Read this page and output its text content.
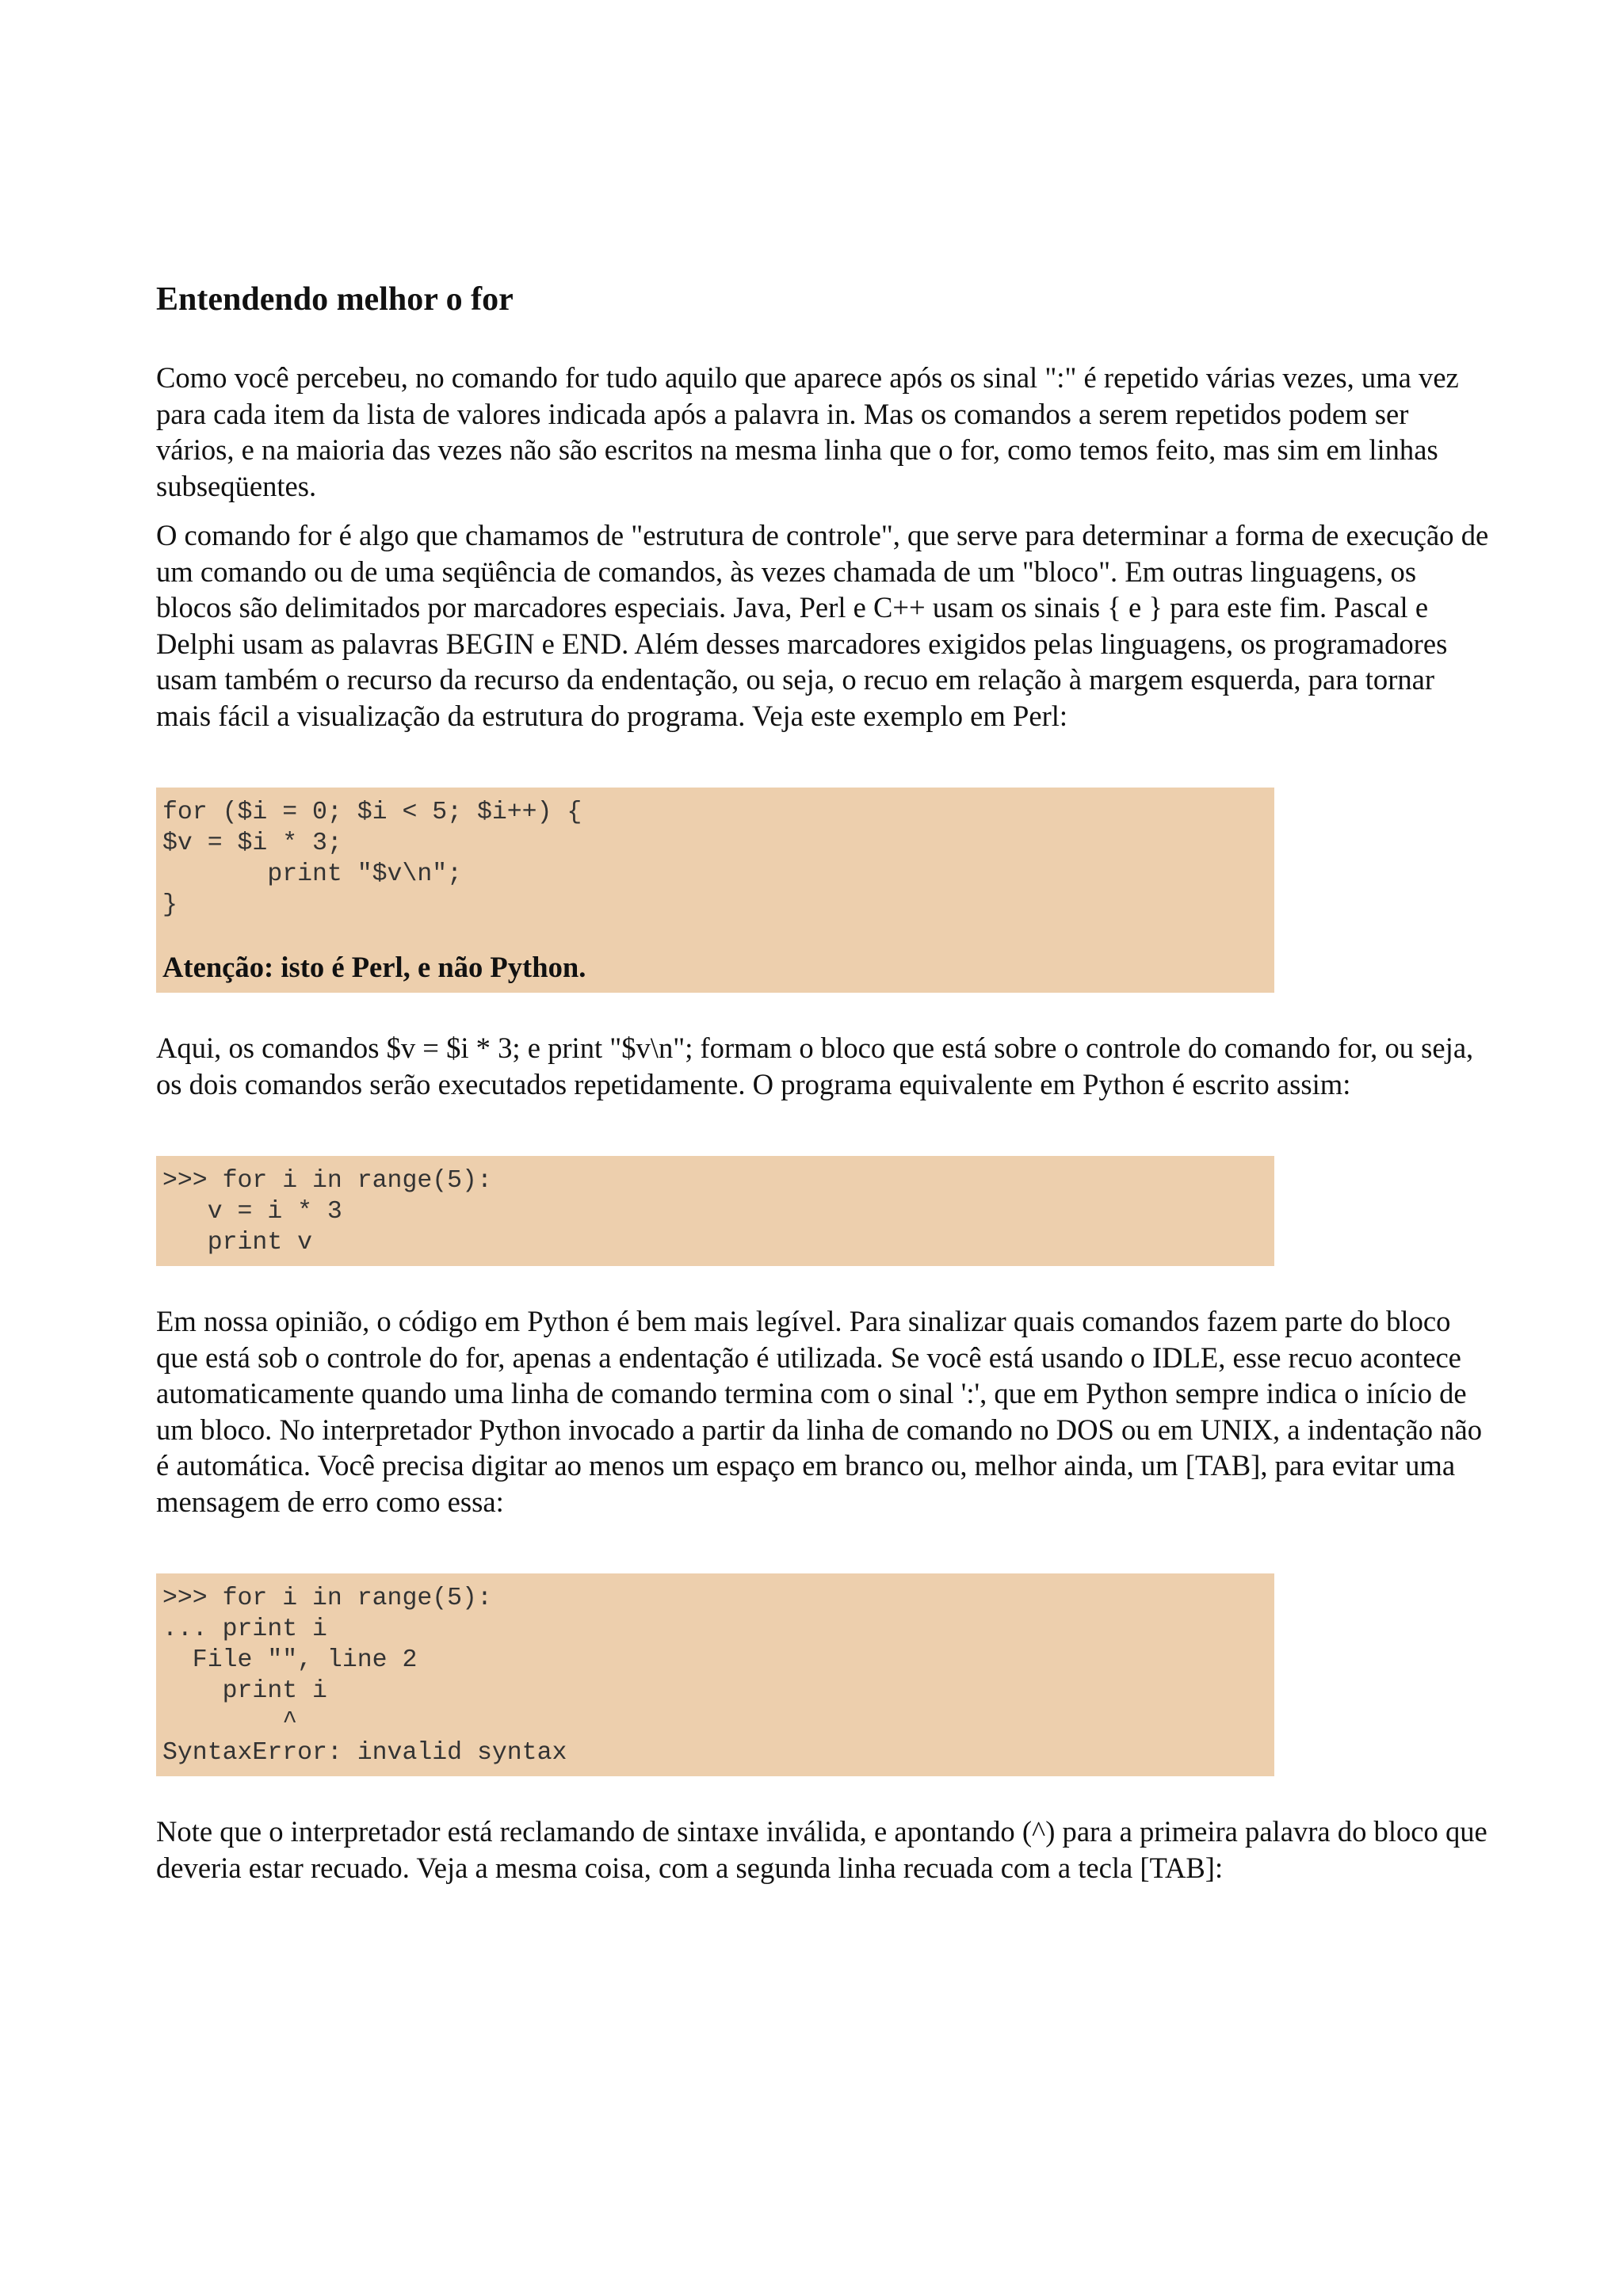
Entendendo melhor o for

Como você percebeu, no comando for tudo aquilo que aparece após os sinal ":" é repetido várias vezes, uma vez para cada item da lista de valores indicada após a palavra in. Mas os comandos a serem repetidos podem ser vários, e na maioria das vezes não são escritos na mesma linha que o for, como temos feito, mas sim em linhas subseqüentes.

O comando for é algo que chamamos de "estrutura de controle", que serve para determinar a forma de execução de um comando ou de uma seqüência de comandos, às vezes chamada de um "bloco". Em outras linguagens, os blocos são delimitados por marcadores especiais. Java, Perl e C++ usam os sinais { e } para este fim. Pascal e Delphi usam as palavras BEGIN e END. Além desses marcadores exigidos pelas linguagens, os programadores usam também o recurso da recurso da endentação, ou seja, o recuo em relação à margem esquerda, para tornar mais fácil a visualização da estrutura do programa. Veja este exemplo em Perl:

for ($i = 0; $i < 5; $i++) {
$v = $i * 3;
print "$v\n";
}
Atenção: isto é Perl, e não Python.

Aqui, os comandos $v = $i * 3; e print "$v\n"; formam o bloco que está sobre o controle do comando for, ou seja, os dois comandos serão executados repetidamente. O programa equivalente em Python é escrito assim:

>>> for i in range(5):
v = i * 3
print v

Em nossa opinião, o código em Python é bem mais legível. Para sinalizar quais comandos fazem parte do bloco que está sob o controle do for, apenas a endentação é utilizada. Se você está usando o IDLE, esse recuo acontece automaticamente quando uma linha de comando termina com o sinal ':', que em Python sempre indica o início de um bloco. No interpretador Python invocado a partir da linha de comando no DOS ou em UNIX, a indentação não é automática. Você precisa digitar ao menos um espaço em branco ou, melhor ainda, um [TAB], para evitar uma mensagem de erro como essa:

>>> for i in range(5):
... print i
File "", line 2
print i
^
SyntaxError: invalid syntax

Note que o interpretador está reclamando de sintaxe inválida, e apontando (^) para a primeira palavra do bloco que deveria estar recuado. Veja a mesma coisa, com a segunda linha recuada com a tecla [TAB]:
